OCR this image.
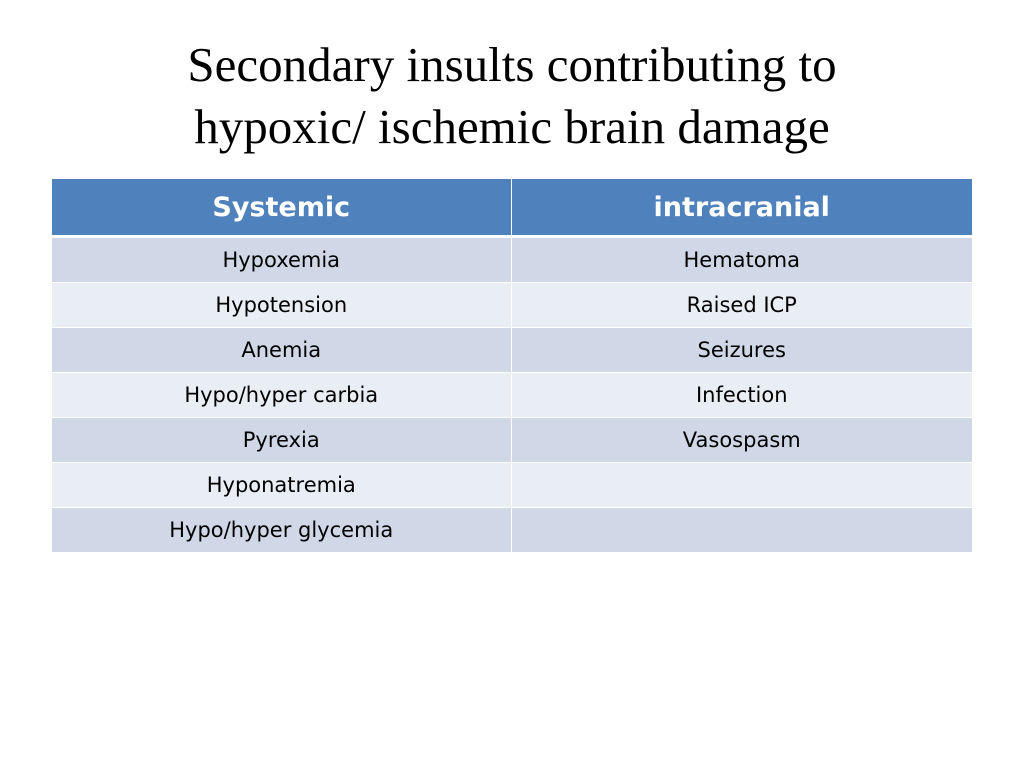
Secondary insults contributing to
hypoxic/ ischemic brain damage
Systemic	intracranial
Hypoxemia	Hematoma
Hypotension	Raised ICP
Anemia	Seizures
Hypo/hyper carbia	Infection
Pyrexia	Vasospasm
Hyponatremia	
Hypo/hyper glycemia	
